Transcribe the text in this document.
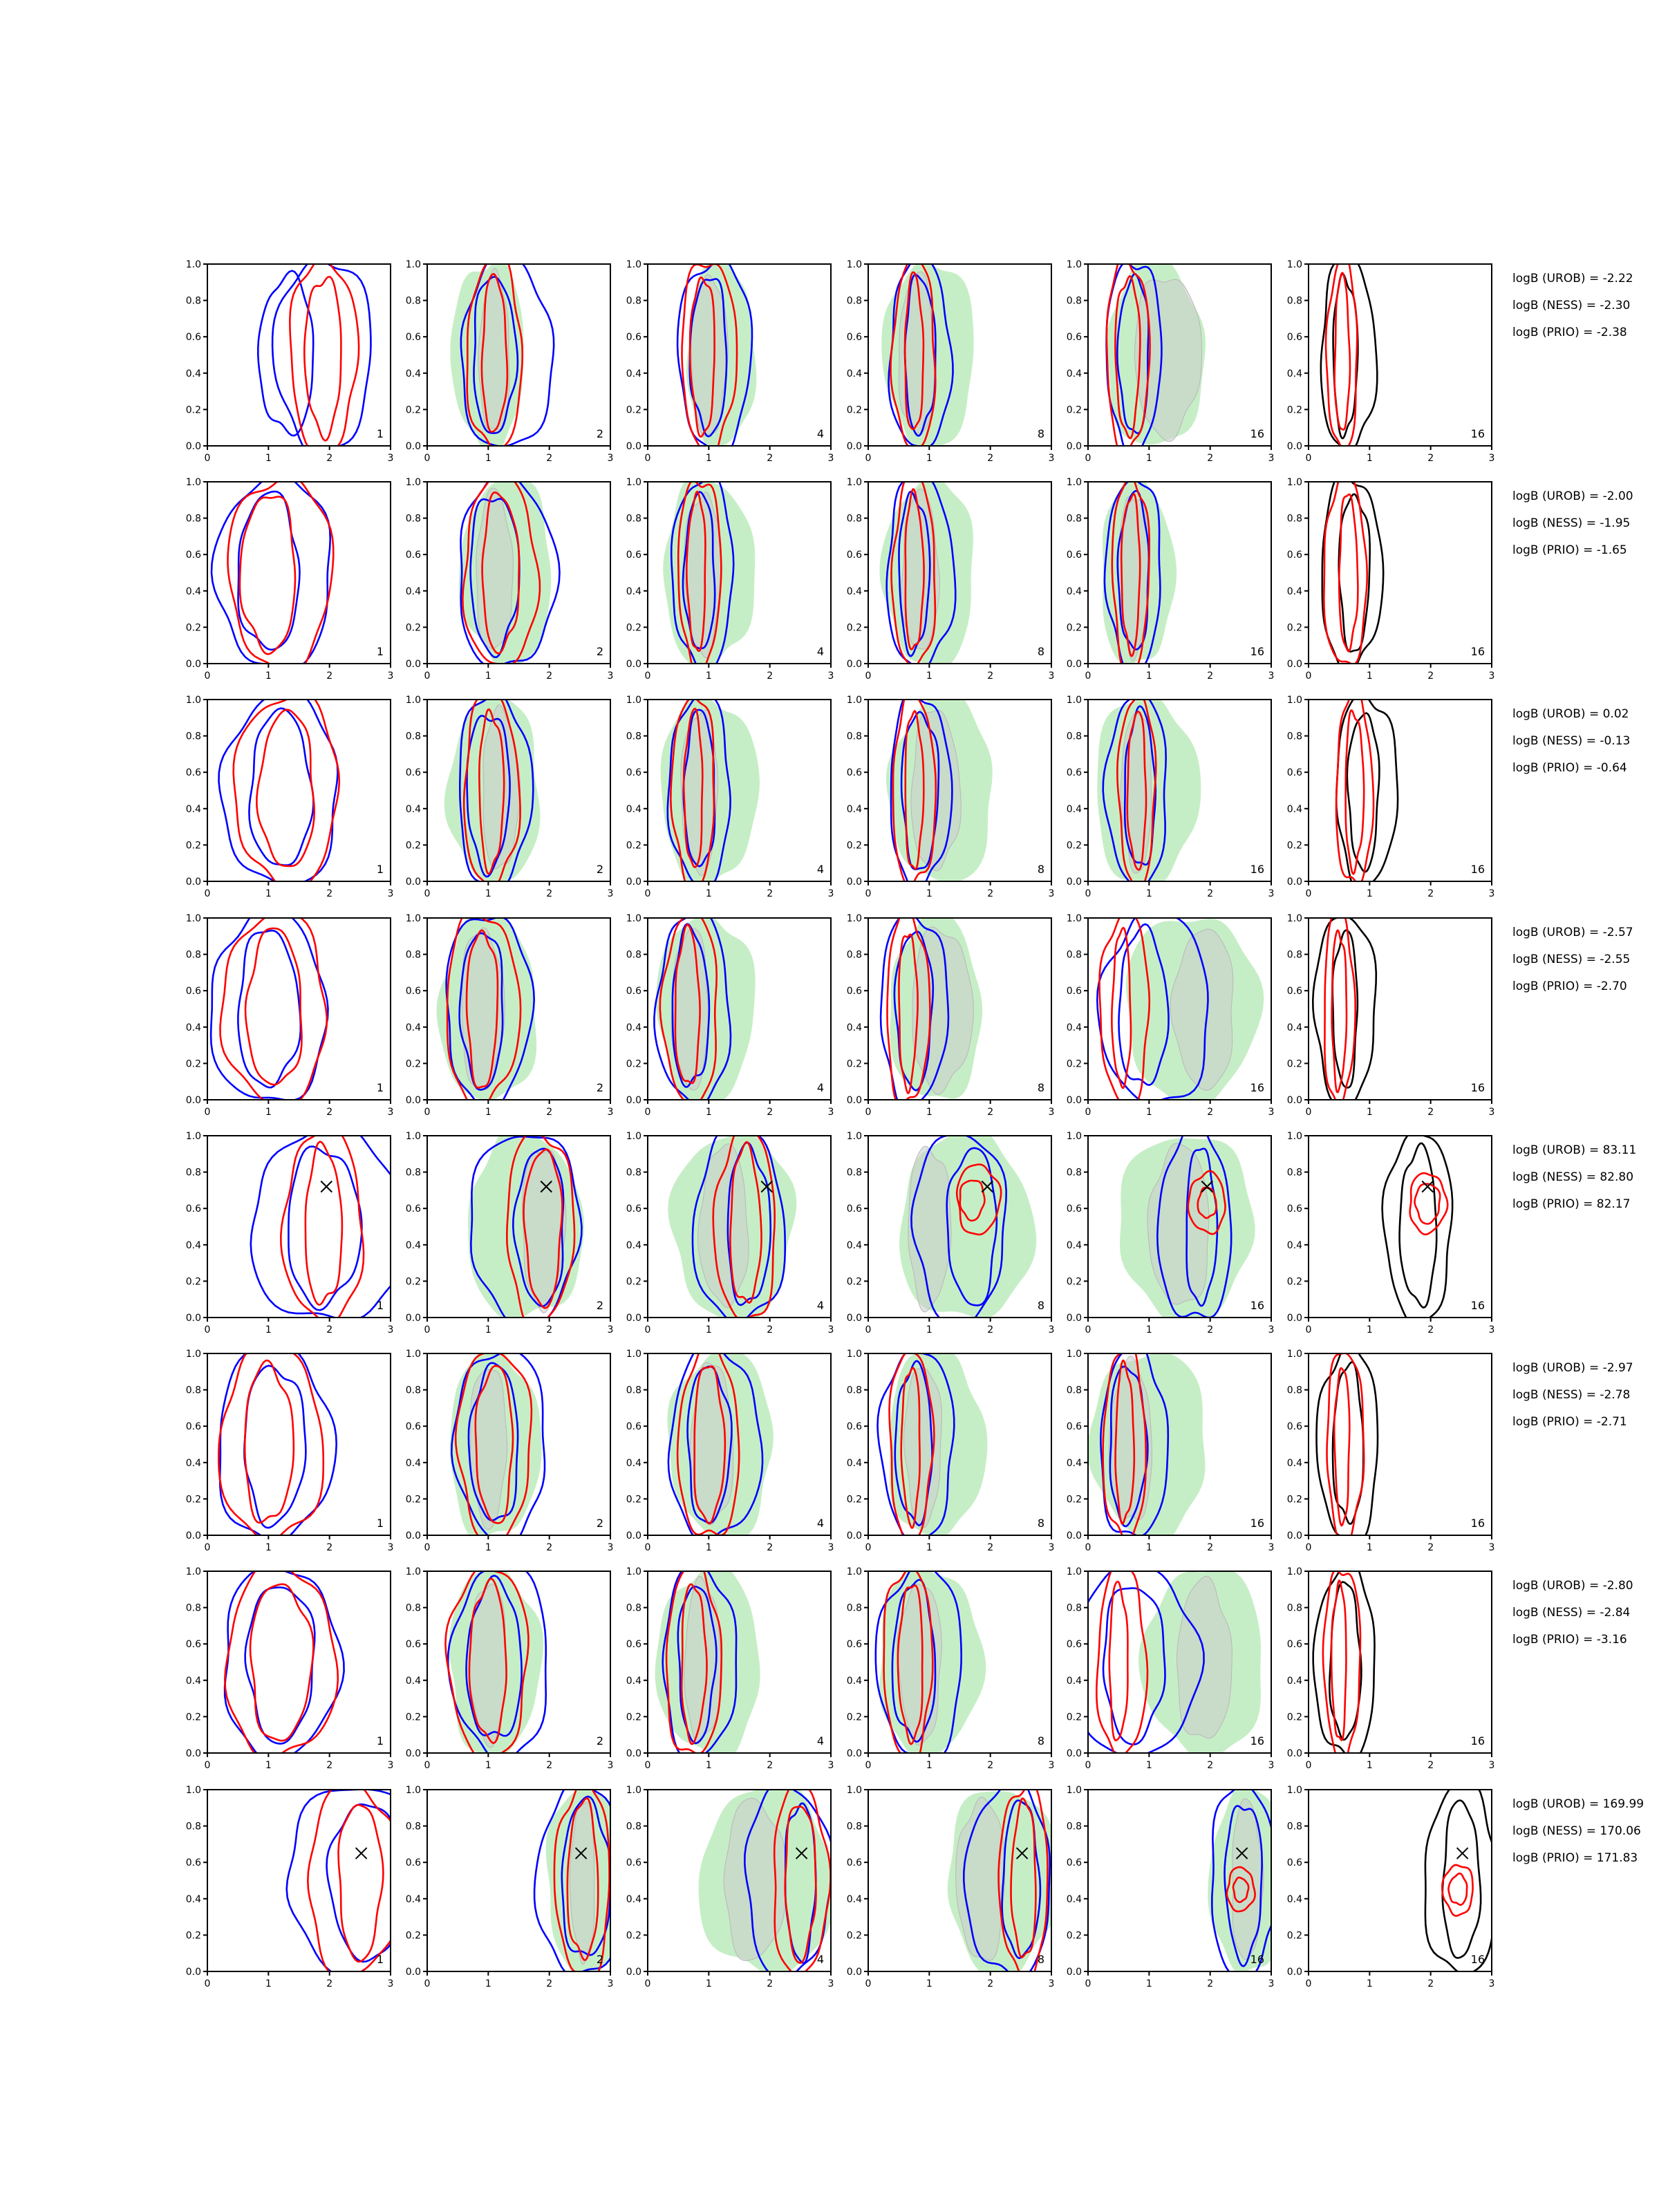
0	1	2	3
0.0
0.2
0.4
0.6
0.8
1.0
1
0	1	2	3
0.0
0.2
0.4
0.6
0.8
1.0
2
0	1	2	3
0.0
0.2
0.4
0.6
0.8
1.0
4
0	1	2	3
0.0
0.2
0.4
0.6
0.8
1.0
8
0	1	2	3
0.0
0.2
0.4
0.6
0.8
1.0
16
0	1	2	3
0.0
0.2
0.4
0.6
0.8
1.0
16
logB (UROB) = -2.22
logB (NESS) = -2.30
logB (PRIO) = -2.38
0	1	2	3
0.0
0.2
0.4
0.6
0.8
1.0
1
0	1	2	3
0.0
0.2
0.4
0.6
0.8
1.0
2
0	1	2	3
0.0
0.2
0.4
0.6
0.8
1.0
4
0	1	2	3
0.0
0.2
0.4
0.6
0.8
1.0
8
0	1	2	3
0.0
0.2
0.4
0.6
0.8
1.0
16
0	1	2	3
0.0
0.2
0.4
0.6
0.8
1.0
16
logB (UROB) = -2.00
logB (NESS) = -1.95
logB (PRIO) = -1.65
0	1	2	3
0.0
0.2
0.4
0.6
0.8
1.0
1
0	1	2	3
0.0
0.2
0.4
0.6
0.8
1.0
2
0	1	2	3
0.0
0.2
0.4
0.6
0.8
1.0
4
0	1	2	3
0.0
0.2
0.4
0.6
0.8
1.0
8
0	1	2	3
0.0
0.2
0.4
0.6
0.8
1.0
16
0	1	2	3
0.0
0.2
0.4
0.6
0.8
1.0
16
logB (UROB) = 0.02
logB (NESS) = -0.13
logB (PRIO) = -0.64
0	1	2	3
0.0
0.2
0.4
0.6
0.8
1.0
1
0	1	2	3
0.0
0.2
0.4
0.6
0.8
1.0
2
0	1	2	3
0.0
0.2
0.4
0.6
0.8
1.0
4
0	1	2	3
0.0
0.2
0.4
0.6
0.8
1.0
8
0	1	2	3
0.0
0.2
0.4
0.6
0.8
1.0
16
0	1	2	3
0.0
0.2
0.4
0.6
0.8
1.0
16
logB (UROB) = -2.57
logB (NESS) = -2.55
logB (PRIO) = -2.70
0	1	2	3
0.0
0.2
0.4
0.6
0.8
1.0
1
0	1	2	3
0.0
0.2
0.4
0.6
0.8
1.0
2
0	1	2	3
0.0
0.2
0.4
0.6
0.8
1.0
4
0	1	2	3
0.0
0.2
0.4
0.6
0.8
1.0
8
0	1	2	3
0.0
0.2
0.4
0.6
0.8
1.0
16
0	1	2	3
0.0
0.2
0.4
0.6
0.8
1.0
16
logB (UROB) = 83.11
logB (NESS) = 82.80
logB (PRIO) = 82.17
0	1	2	3
0.0
0.2
0.4
0.6
0.8
1.0
1
0	1	2	3
0.0
0.2
0.4
0.6
0.8
1.0
2
0	1	2	3
0.0
0.2
0.4
0.6
0.8
1.0
4
0	1	2	3
0.0
0.2
0.4
0.6
0.8
1.0
8
0	1	2	3
0.0
0.2
0.4
0.6
0.8
1.0
16
0	1	2	3
0.0
0.2
0.4
0.6
0.8
1.0
16
logB (UROB) = -2.97
logB (NESS) = -2.78
logB (PRIO) = -2.71
0	1	2	3
0.0
0.2
0.4
0.6
0.8
1.0
1
0	1	2	3
0.0
0.2
0.4
0.6
0.8
1.0
2
0	1	2	3
0.0
0.2
0.4
0.6
0.8
1.0
4
0	1	2	3
0.0
0.2
0.4
0.6
0.8
1.0
8
0	1	2	3
0.0
0.2
0.4
0.6
0.8
1.0
16
0	1	2	3
0.0
0.2
0.4
0.6
0.8
1.0
16
logB (UROB) = -2.80
logB (NESS) = -2.84
logB (PRIO) = -3.16
0	1	2	3
0.0
0.2
0.4
0.6
0.8
1.0
1
0	1	2	3
0.0
0.2
0.4
0.6
0.8
1.0
2
0	1	2	3
0.0
0.2
0.4
0.6
0.8
1.0
4
0	1	2	3
0.0
0.2
0.4
0.6
0.8
1.0
8
0	1	2	3
0.0
0.2
0.4
0.6
0.8
1.0
16
0	1	2	3
0.0
0.2
0.4
0.6
0.8
1.0
16
logB (UROB) = 169.99
logB (NESS) = 170.06
logB (PRIO) = 171.83
